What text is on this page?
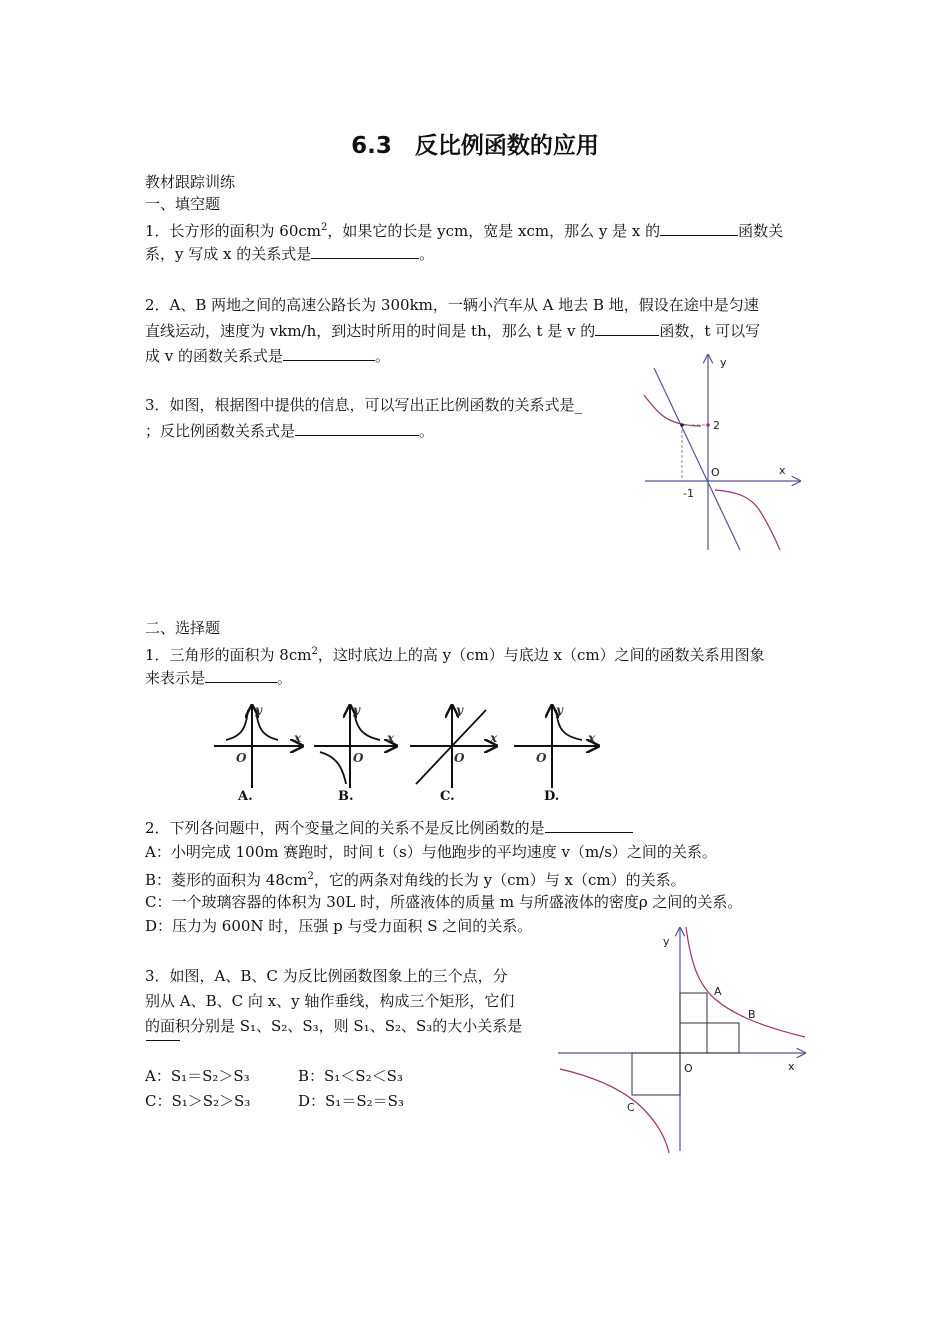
6.3　反比例函数的应用
教材跟踪训练
一、填空题
1．长方形的面积为 $60cm^2$，如果它的长是 ycm，宽是 xcm，那么 y 是 x 的	函数关
系，y 写成 x 的关系式是	。
2．A、B 两地之间的高速公路长为 300km，一辆小汽车从 A 地去 B 地，假设在途中是匀速
直线运动，速度为 vkm/h，到达时所用的时间是 th，那么 t 是 v 的	函数，t 可以写
成 v 的函数关系式是	。
3．如图，根据图中提供的信息，可以写出正比例函数的关系式是_
；反比例函数关系式是	。
y
2
O	x
-1
二、选择题
1．三角形的面积为 $8cm^2$，这时底边上的高 y（cm）与底边 x（cm）之间的函数关系用图象
来表示是	。
y
x
O
A.
y
x
O
B.
y
x
O
C.
y
x
O
D.
2．下列各问题中，两个变量之间的关系不是反比例函数的是
A：小明完成 100m 赛跑时，时间 t（s）与他跑步的平均速度 v（m/s）之间的关系。
B：菱形的面积为 $48cm^2$，它的两条对角线的长为 y（cm）与 x（cm）的关系。
C：一个玻璃容器的体积为 30L 时，所盛液体的质量 m 与所盛液体的密度ρ 之间的关系。
D：压力为 600N 时，压强 p 与受力面积 S 之间的关系。
3．如图，A、B、C 为反比例函数图象上的三个点，分
别从 A、B、C 向 x、y 轴作垂线，构成三个矩形，它们
的面积分别是 S₁、S₂、S₃，则 S₁、S₂、S₃的大小关系是
A：S₁＝S₂＞S₃	B：S₁＜S₂＜S₃
C：S₁＞S₂＞S₃	D：S₁＝S₂＝S₃
y
A
B
O	x
C
